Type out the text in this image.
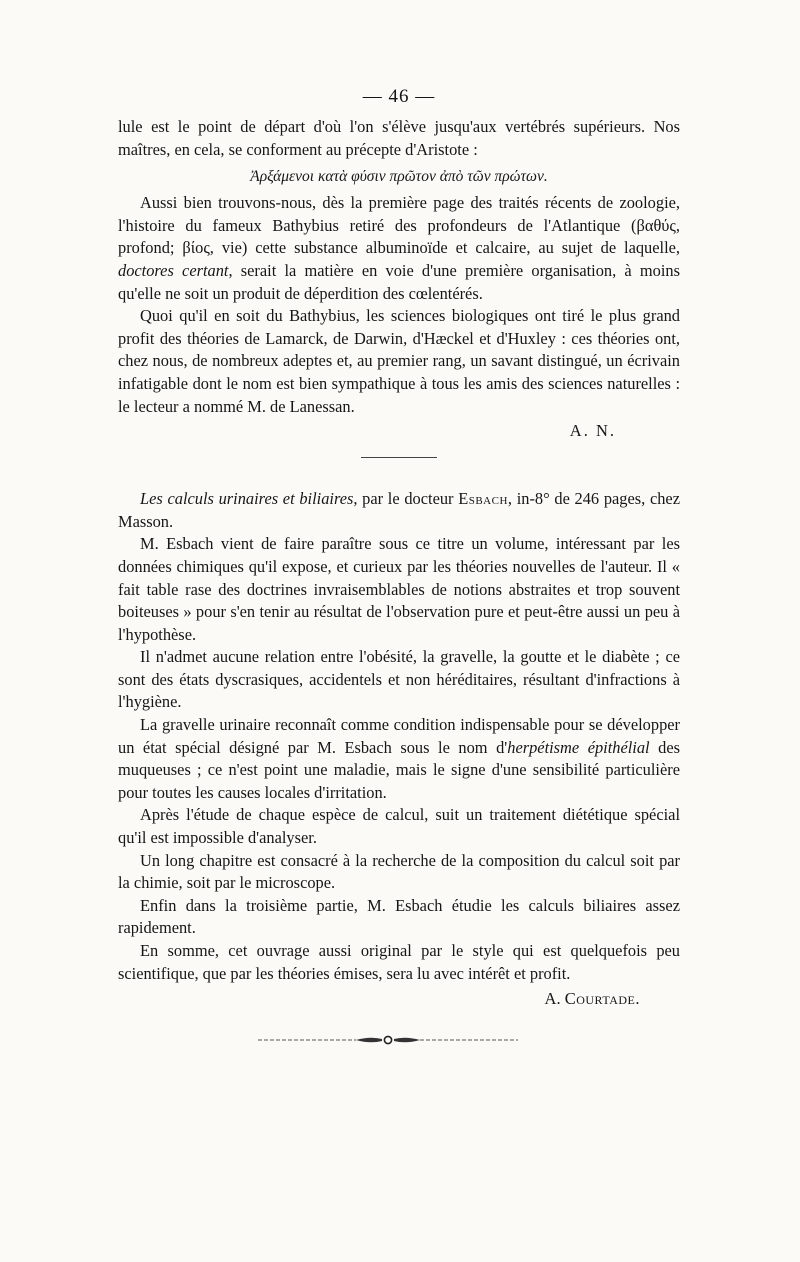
— 46 —

lule est le point de départ d'où l'on s'élève jusqu'aux vertébrés supérieurs. Nos maîtres, en cela, se conforment au précepte d'Aristote :

Ἀρξάμενοι κατὰ φύσιν πρῶτον ἀπὸ τῶν πρώτων.

Aussi bien trouvons-nous, dès la première page des traités récents de zoologie, l'histoire du fameux Bathybius retiré des profondeurs de l'Atlantique (βαθύς, profond; βίος, vie) cette substance albuminoïde et calcaire, au sujet de laquelle, doctores certant, serait la matière en voie d'une première organisation, à moins qu'elle ne soit un produit de déperdition des cœlentérés.

Quoi qu'il en soit du Bathybius, les sciences biologiques ont tiré le plus grand profit des théories de Lamarck, de Darwin, d'Hæckel et d'Huxley : ces théories ont, chez nous, de nombreux adeptes et, au premier rang, un savant distingué, un écrivain infatigable dont le nom est bien sympathique à tous les amis des sciences naturelles : le lecteur a nommé M. de Lanessan.

A. N.

Les calculs urinaires et biliaires, par le docteur Esbach, in-8° de 246 pages, chez Masson.

M. Esbach vient de faire paraître sous ce titre un volume, intéressant par les données chimiques qu'il expose, et curieux par les théories nouvelles de l'auteur. Il « fait table rase des doctrines invraisemblables de notions abstraites et trop souvent boiteuses » pour s'en tenir au résultat de l'observation pure et peut-être aussi un peu à l'hypothèse.

Il n'admet aucune relation entre l'obésité, la gravelle, la goutte et le diabète ; ce sont des états dyscrasiques, accidentels et non héréditaires, résultant d'infractions à l'hygiène.

La gravelle urinaire reconnaît comme condition indispensable pour se développer un état spécial désigné par M. Esbach sous le nom d'herpétisme épithélial des muqueuses ; ce n'est point une maladie, mais le signe d'une sensibilité particulière pour toutes les causes locales d'irritation.

Après l'étude de chaque espèce de calcul, suit un traitement diététique spécial qu'il est impossible d'analyser.

Un long chapitre est consacré à la recherche de la composition du calcul soit par la chimie, soit par le microscope.

Enfin dans la troisième partie, M. Esbach étudie les calculs biliaires assez rapidement.

En somme, cet ouvrage aussi original par le style qui est quelquefois peu scientifique, que par les théories émises, sera lu avec intérêt et profit.

A. Courtade.
